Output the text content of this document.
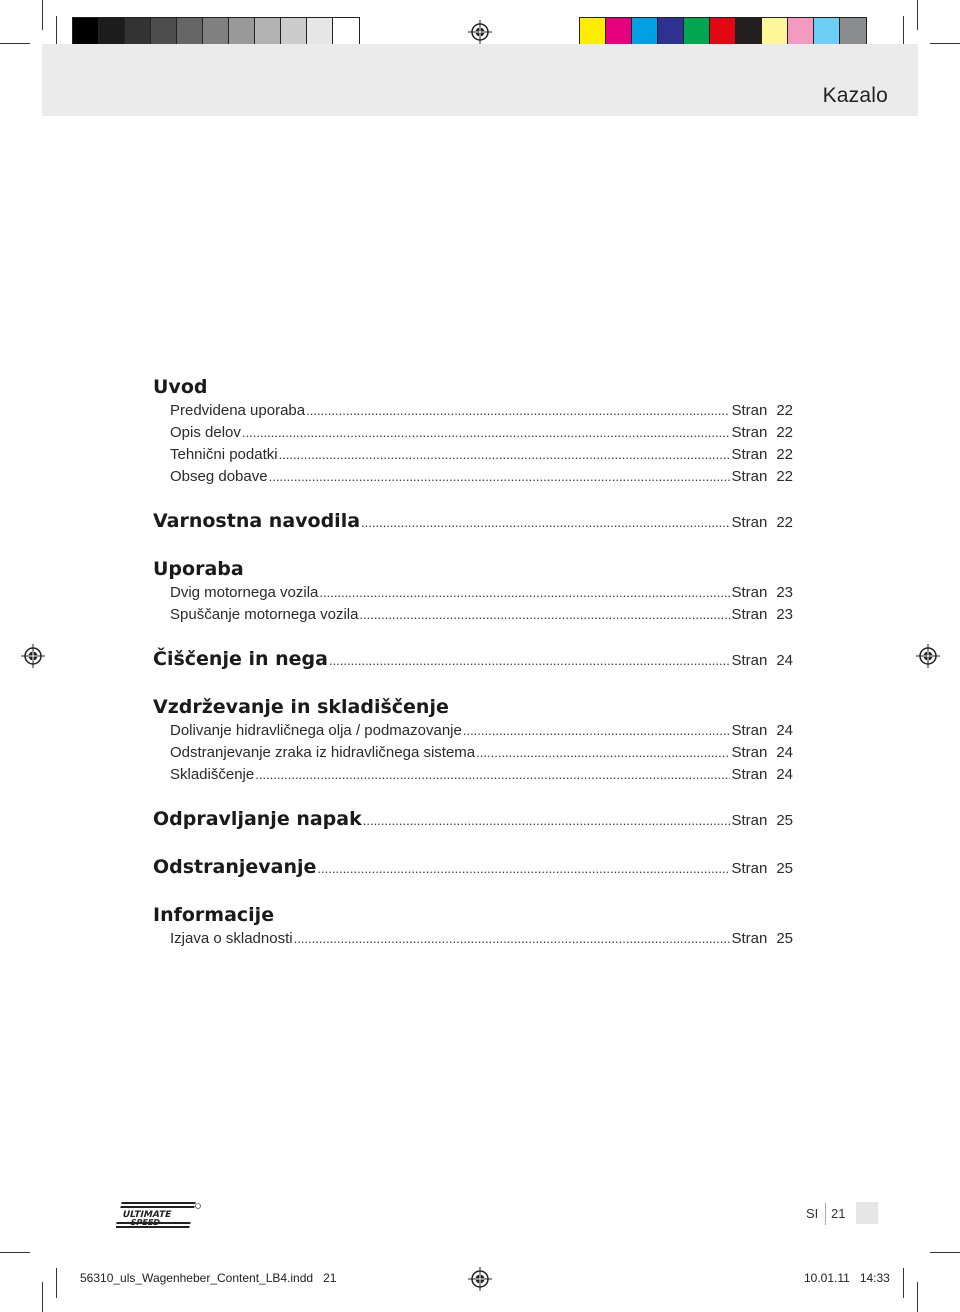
Kazalo
Uvod
Predvidena uporaba .....	Stran 22
Opis delov .....	Stran 22
Tehnični podatki .....	Stran 22
Obseg dobave .....	Stran 22
Varnostna navodila .....	Stran 22
Uporaba
Dvig motornega vozila .....	Stran 23
Spuščanje motornega vozila .....	Stran 23
Čiščenje in nega .....	Stran 24
Vzdrževanje in skladiščenje
Dolivanje hidravličnega olja / podmazovanje .....	Stran 24
Odstranjevanje zraka iz hidravličnega sistema .....	Stran 24
Skladiščenje .....	Stran 24
Odpravljanje napak .....	Stran 25
Odstranjevanje .....	Stran 25
Informacije
Izjava o skladnosti .....	Stran 25
ULTIMATE
SPEED
SI 21
56310_uls_Wagenheber_Content_LB4.indd   21	10.01.11   14:33
